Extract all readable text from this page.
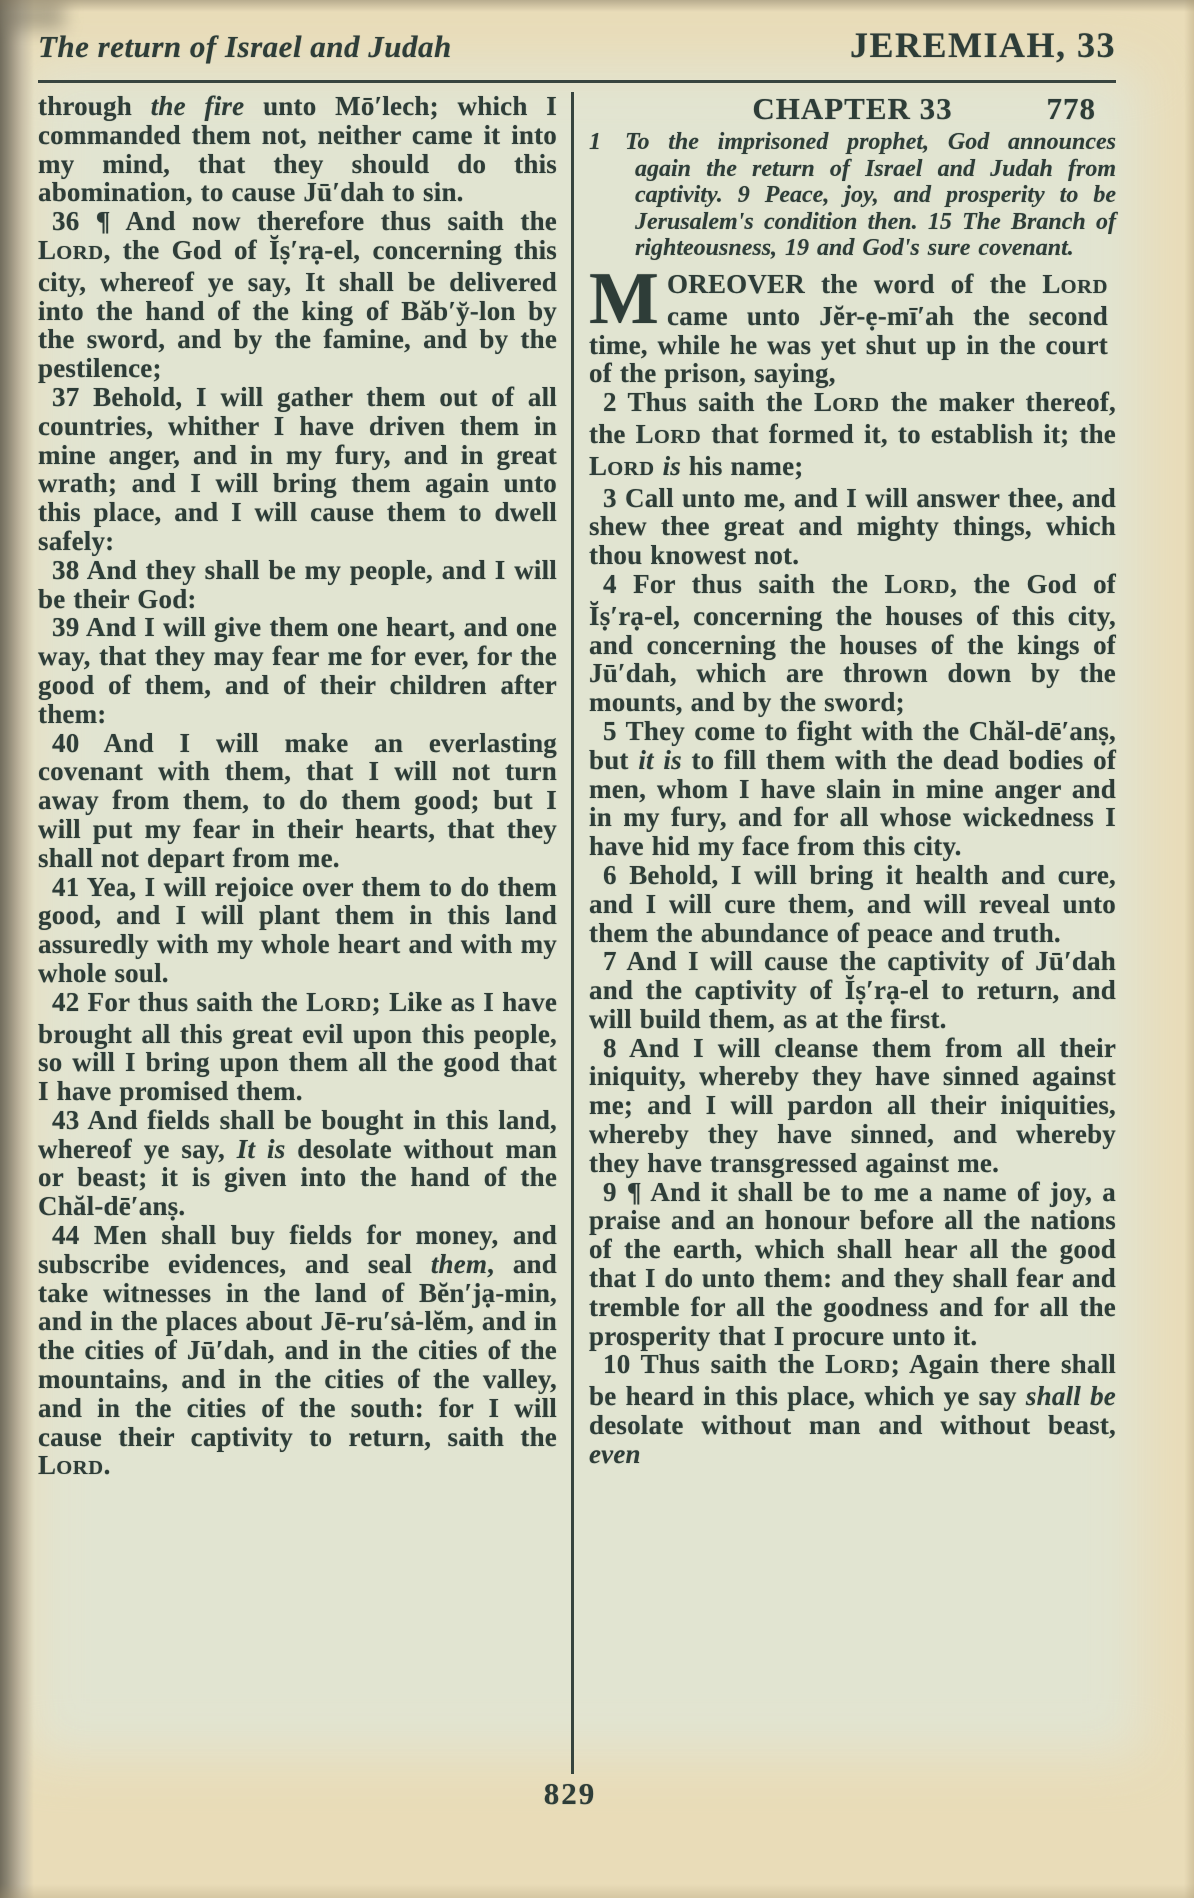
The return of Israel and Judah	JEREMIAH, 33

through the fire unto Mō′lech; which I commanded them not, neither came it into my mind, that they should do this abomination, to cause Jū′dah to sin.

36 ¶ And now therefore thus saith the LORD, the God of Ĭṣ′rạ-el, concerning this city, whereof ye say, It shall be delivered into the hand of the king of Băb′y̆-lon by the sword, and by the famine, and by the pestilence;

37 Behold, I will gather them out of all countries, whither I have driven them in mine anger, and in my fury, and in great wrath; and I will bring them again unto this place, and I will cause them to dwell safely:

38 And they shall be my people, and I will be their God:

39 And I will give them one heart, and one way, that they may fear me for ever, for the good of them, and of their children after them:

40 And I will make an everlasting covenant with them, that I will not turn away from them, to do them good; but I will put my fear in their hearts, that they shall not depart from me.

41 Yea, I will rejoice over them to do them good, and I will plant them in this land assuredly with my whole heart and with my whole soul.

42 For thus saith the LORD; Like as I have brought all this great evil upon this people, so will I bring upon them all the good that I have promised them.

43 And fields shall be bought in this land, whereof ye say, It is desolate without man or beast; it is given into the hand of the Chăl-dē′anṣ.

44 Men shall buy fields for money, and subscribe evidences, and seal them, and take witnesses in the land of Bĕn′jạ-min, and in the places about Jē-ru′sȧ-lĕm, and in the cities of Jū′dah, and in the cities of the mountains, and in the cities of the valley, and in the cities of the south: for I will cause their captivity to return, saith the LORD.

CHAPTER 33	778

1  To the imprisoned prophet, God announces again the return of Israel and Judah from captivity. 9 Peace, joy, and prosperity to be Jerusalem's condition then. 15 The Branch of righteousness, 19 and God's sure covenant.

MOREOVER the word of the LORD came unto Jĕr-ẹ-mī′ah the second time, while he was yet shut up in the court of the prison, saying,

2 Thus saith the LORD the maker thereof, the LORD that formed it, to establish it; the LORD is his name;

3 Call unto me, and I will answer thee, and shew thee great and mighty things, which thou knowest not.

4 For thus saith the LORD, the God of Ĭṣ′rạ-el, concerning the houses of this city, and concerning the houses of the kings of Jū′dah, which are thrown down by the mounts, and by the sword;

5 They come to fight with the Chăl-dē′anṣ, but it is to fill them with the dead bodies of men, whom I have slain in mine anger and in my fury, and for all whose wickedness I have hid my face from this city.

6 Behold, I will bring it health and cure, and I will cure them, and will reveal unto them the abundance of peace and truth.

7 And I will cause the captivity of Jū′dah and the captivity of Ĭṣ′rạ-el to return, and will build them, as at the first.

8 And I will cleanse them from all their iniquity, whereby they have sinned against me; and I will pardon all their iniquities, whereby they have sinned, and whereby they have transgressed against me.

9 ¶ And it shall be to me a name of joy, a praise and an honour before all the nations of the earth, which shall hear all the good that I do unto them: and they shall fear and tremble for all the goodness and for all the prosperity that I procure unto it.

10 Thus saith the LORD; Again there shall be heard in this place, which ye say shall be desolate without man and without beast, even

829
